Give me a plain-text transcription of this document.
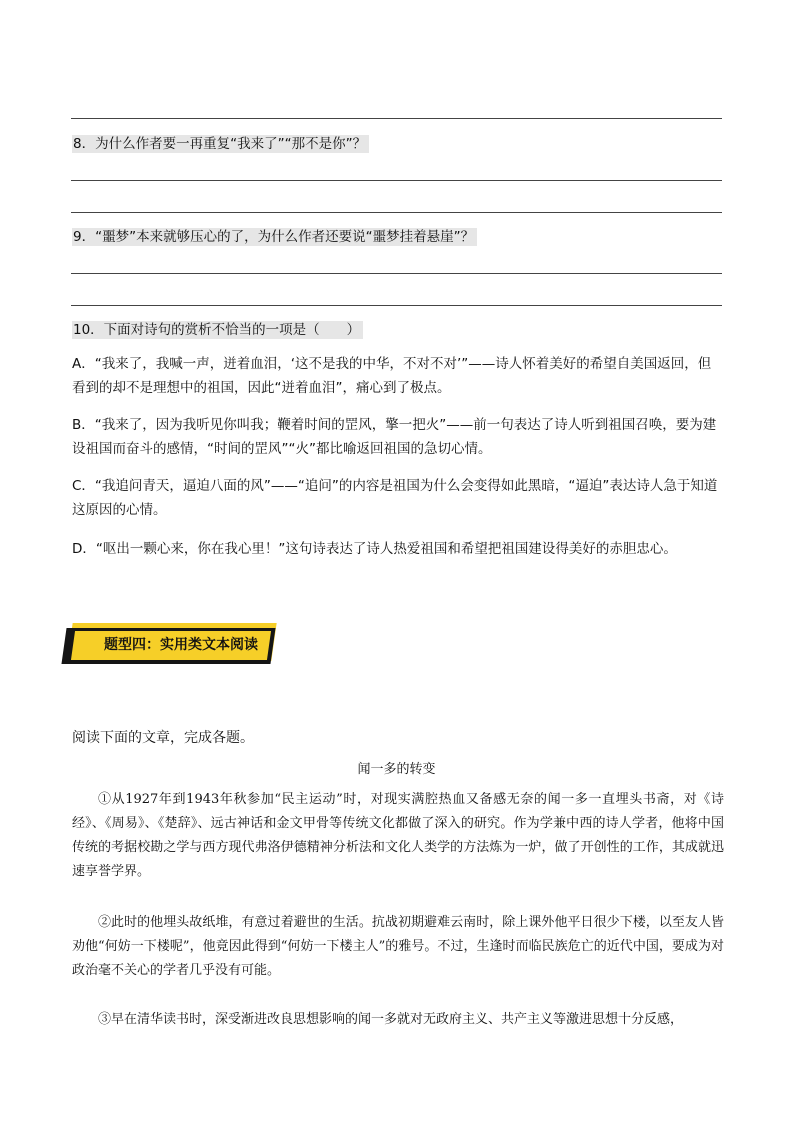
8．为什么作者要一再重复“我来了”“那不是你”？
9．“噩梦”本来就够压心的了，为什么作者还要说“噩梦挂着悬崖”？
10．下面对诗句的赏析不恰当的一项是（　　）
A．“我来了，我喊一声，迸着血泪，‘这不是我的中华，不对不对’”——诗人怀着美好的希望自美国返回，但看到的却不是理想中的祖国，因此“迸着血泪”，痛心到了极点。
B．“我来了，因为我听见你叫我；鞭着时间的罡风，擎一把火”——前一句表达了诗人听到祖国召唤，要为建设祖国而奋斗的感情，“时间的罡风”“火”都比喻返回祖国的急切心情。
C．“我追问青天，逼迫八面的风”——“追问”的内容是祖国为什么会变得如此黑暗，“逼迫”表达诗人急于知道这原因的心情。
D．“呕出一颗心来，你在我心里！”这句诗表达了诗人热爱祖国和希望把祖国建设得美好的赤胆忠心。
题型四：实用类文本阅读
阅读下面的文章，完成各题。
闻一多的转变
①从1927年到1943年秋参加“民主运动”时，对现实满腔热血又备感无奈的闻一多一直埋头书斋，对《诗经》、《周易》、《楚辞》、远古神话和金文甲骨等传统文化都做了深入的研究。作为学兼中西的诗人学者，他将中国传统的考据校勘之学与西方现代弗洛伊德精神分析法和文化人类学的方法炼为一炉，做了开创性的工作，其成就迅速享誉学界。
②此时的他埋头故纸堆，有意过着避世的生活。抗战初期避难云南时，除上课外他平日很少下楼，以至友人皆劝他“何妨一下楼呢”，他竟因此得到“何妨一下楼主人”的雅号。不过，生逢时而临民族危亡的近代中国，要成为对政治毫不关心的学者几乎没有可能。
③早在清华读书时，深受渐进改良思想影响的闻一多就对无政府主义、共产主义等激进思想十分反感，
